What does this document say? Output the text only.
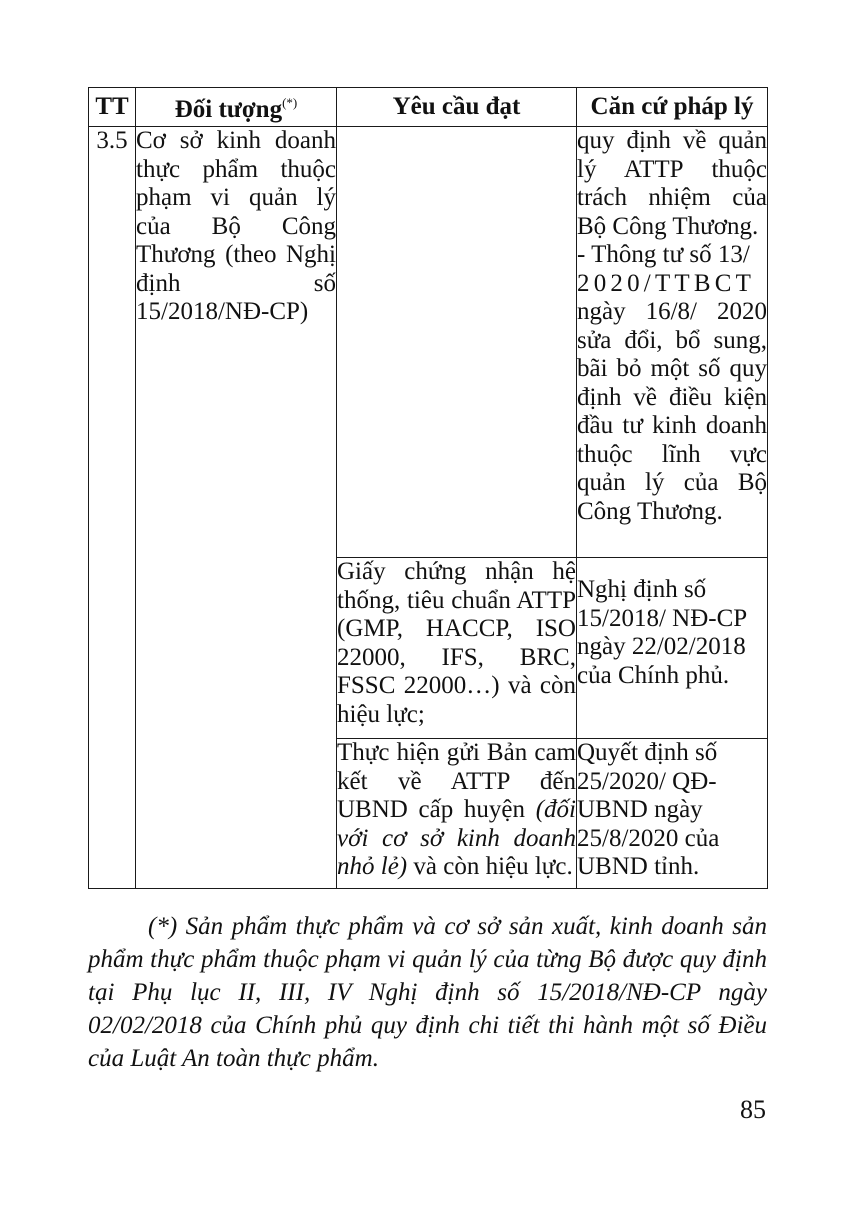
TT	Đối tượng(*)	Yêu cầu đạt	Căn cứ pháp lý
3.5	Cơ sở kinh doanh thực phẩm thuộc phạm vi quản lý của Bộ Công Thương (theo Nghị định số 15/2018/NĐ-CP)		quy định về quản lý ATTP thuộc trách nhiệm của Bộ Công Thương.
- Thông tư số 13/
2020/TTBCT
ngày 16/8/ 2020 sửa đổi, bổ sung, bãi bỏ một số quy định về điều kiện đầu tư kinh doanh thuộc lĩnh vực quản lý của Bộ Công Thương.

		Giấy chứng nhận hệ thống, tiêu chuẩn ATTP (GMP, HACCP, ISO 22000, IFS, BRC, FSSC 22000…) và còn hiệu lực;	Nghị định số 15/2018/ NĐ-CP ngày 22/02/2018 của Chính phủ.
		Thực hiện gửi Bản cam kết về ATTP đến UBND cấp huyện (đối với cơ sở kinh doanh nhỏ lẻ) và còn hiệu lực.	Quyết định số 25/2020/ QĐ-UBND ngày 25/8/2020 của UBND tỉnh.

(*) Sản phẩm thực phẩm và cơ sở sản xuất, kinh doanh sản phẩm thực phẩm thuộc phạm vi quản lý của từng Bộ được quy định tại Phụ lục II, III, IV Nghị định số 15/2018/NĐ-CP ngày 02/02/2018 của Chính phủ quy định chi tiết thi hành một số Điều của Luật An toàn thực phẩm.

85
